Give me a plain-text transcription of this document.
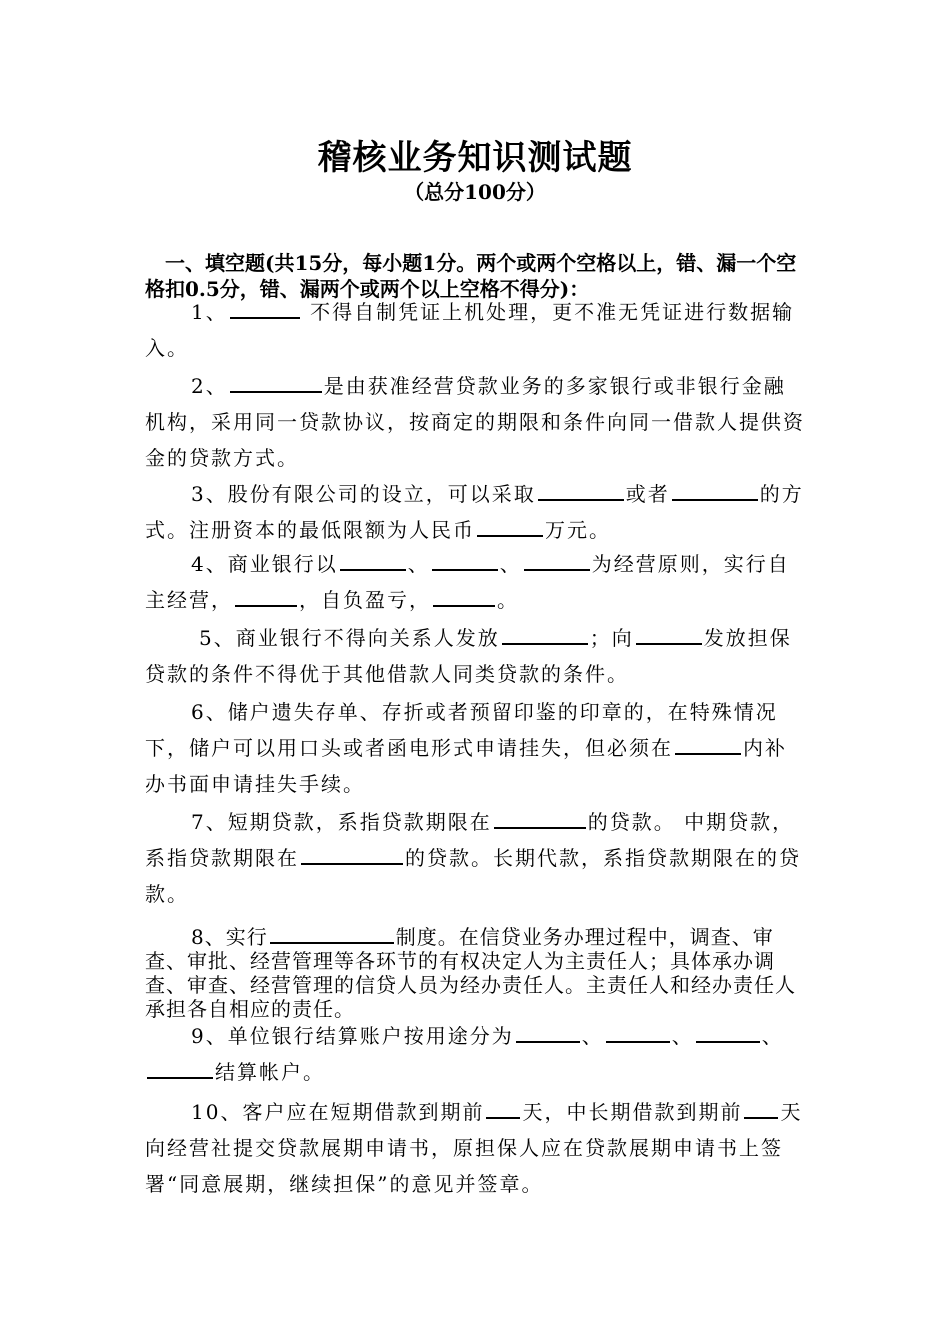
稽核业务知识测试题
（总分100分）
一、填空题(共15分，每小题1分。两个或两个空格以上，错、漏一个空格扣0.5分，错、漏两个或两个以上空格不得分)：
1、	不得自制凭证上机处理，更不准无凭证进行数据输入。
2、	是由获准经营贷款业务的多家银行或非银行金融机构，采用同一贷款协议，按商定的期限和条件向同一借款人提供资金的贷款方式。
3、股份有限公司的设立，可以采取	或者	的方式。注册资本的最低限额为人民币	万元。
4、商业银行以	、	、	为经营原则，实行自主经营，	，自负盈亏，	。
5、商业银行不得向关系人发放	；向	发放担保贷款的条件不得优于其他借款人同类贷款的条件。
6、储户遗失存单、存折或者预留印鉴的印章的，在特殊情况下，储户可以用口头或者函电形式申请挂失，但必须在	内补办书面申请挂失手续。
7、短期贷款，系指贷款期限在	的贷款。 中期贷款，系指贷款期限在	的贷款。长期代款，系指贷款期限在的贷款。
8、实行	制度。在信贷业务办理过程中，调查、审查、审批、经营管理等各环节的有权决定人为主责任人；具体承办调查、审查、经营管理的信贷人员为经办责任人。主责任人和经办责任人承担各自相应的责任。
9、单位银行结算账户按用途分为	、	、	、结算帐户。
10、客户应在短期借款到期前 天，中长期借款到期前 天向经营社提交贷款展期申请书，原担保人应在贷款展期申请书上签署“同意展期，继续担保”的意见并签章。
